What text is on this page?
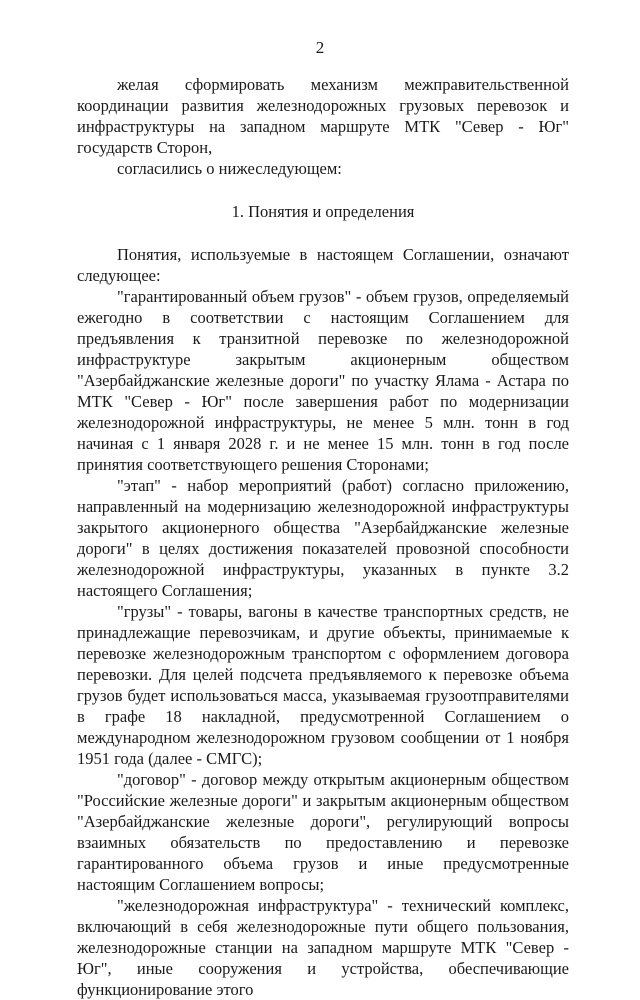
2

желая сформировать механизм межправительственной координации развития железнодорожных грузовых перевозок и инфраструктуры на западном маршруте МТК "Север - Юг" государств Сторон,

согласились о нижеследующем:

1. Понятия и определения

Понятия, используемые в настоящем Соглашении, означают следующее:

"гарантированный объем грузов" - объем грузов, определяемый ежегодно в соответствии с настоящим Соглашением для предъявления к транзитной перевозке по железнодорожной инфраструктуре закрытым акционерным обществом "Азербайджанские железные дороги" по участку Ялама - Астара по МТК "Север - Юг" после завершения работ по модернизации железнодорожной инфраструктуры, не менее 5 млн. тонн в год начиная с 1 января 2028 г. и не менее 15 млн. тонн в год после принятия соответствующего решения Сторонами;

"этап" - набор мероприятий (работ) согласно приложению, направленный на модернизацию железнодорожной инфраструктуры закрытого акционерного общества "Азербайджанские железные дороги" в целях достижения показателей провозной способности железнодорожной инфраструктуры, указанных в пункте 3.2 настоящего Соглашения;

"грузы" - товары, вагоны в качестве транспортных средств, не принадлежащие перевозчикам, и другие объекты, принимаемые к перевозке железнодорожным транспортом с оформлением договора перевозки. Для целей подсчета предъявляемого к перевозке объема грузов будет использоваться масса, указываемая грузоотправителями в графе 18 накладной, предусмотренной Соглашением о международном железнодорожном грузовом сообщении от 1 ноября 1951 года (далее - СМГС);

"договор" - договор между открытым акционерным обществом "Российские железные дороги" и закрытым акционерным обществом "Азербайджанские железные дороги", регулирующий вопросы взаимных обязательств по предоставлению и перевозке гарантированного объема грузов и иные предусмотренные настоящим Соглашением вопросы;

"железнодорожная инфраструктура" - технический комплекс, включающий в себя железнодорожные пути общего пользования, железнодорожные станции на западном маршруте МТК "Север - Юг", иные сооружения и устройства, обеспечивающие функционирование этого
